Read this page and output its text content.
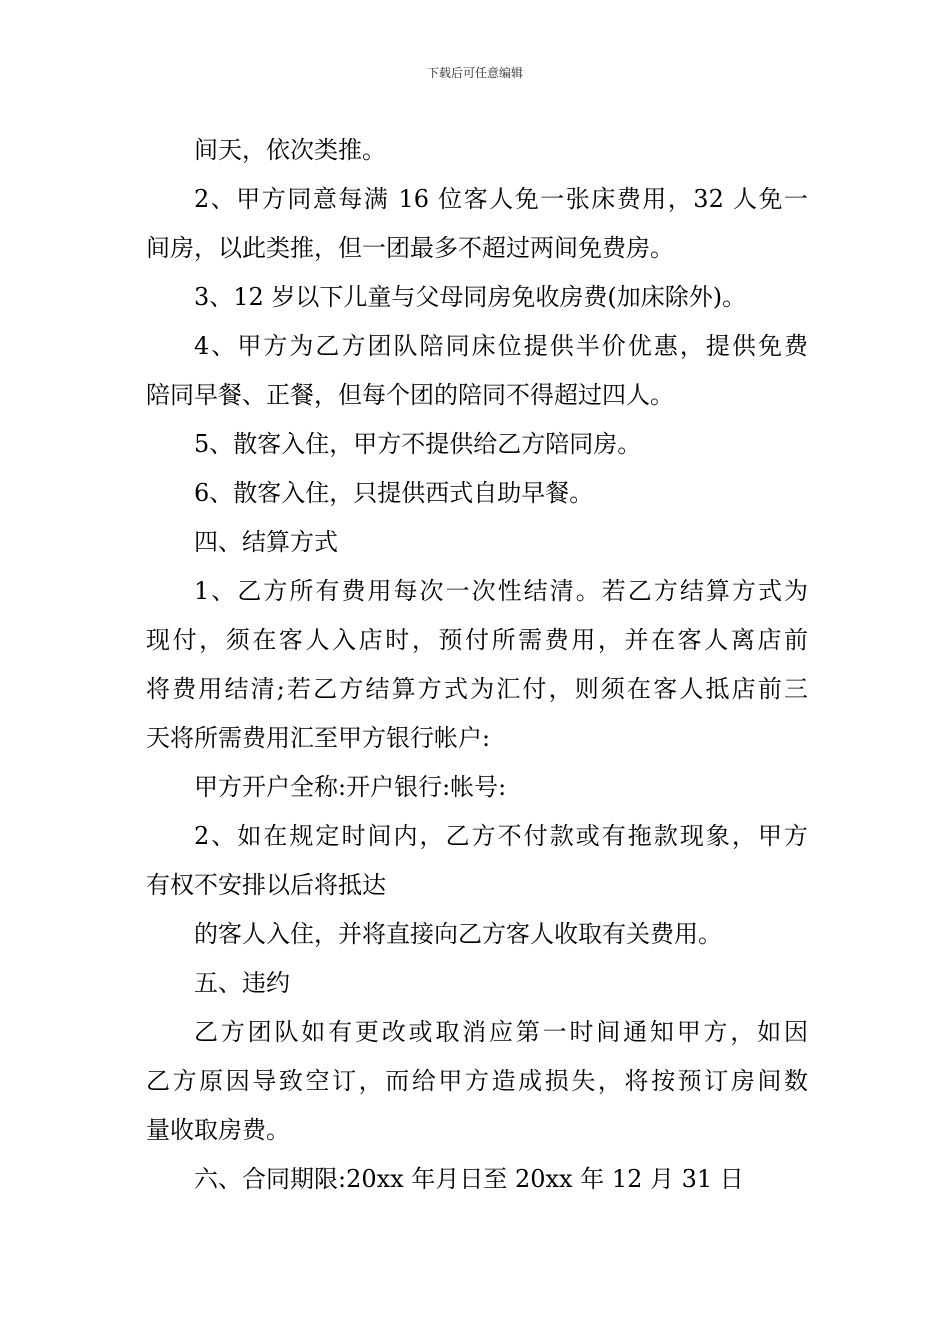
下载后可任意编辑
间天，依次类推。
2、甲方同意每满 16 位客人免一张床费用，32 人免一
间房，以此类推，但一团最多不超过两间免费房。
3、12 岁以下儿童与父母同房免收房费(加床除外)。
4、甲方为乙方团队陪同床位提供半价优惠，提供免费
陪同早餐、正餐，但每个团的陪同不得超过四人。
5、散客入住，甲方不提供给乙方陪同房。
6、散客入住，只提供西式自助早餐。
四、结算方式
1、乙方所有费用每次一次性结清。若乙方结算方式为
现付，须在客人入店时，预付所需费用，并在客人离店前
将费用结清;若乙方结算方式为汇付，则须在客人抵店前三
天将所需费用汇至甲方银行帐户:
甲方开户全称:开户银行:帐号:
2、如在规定时间内，乙方不付款或有拖款现象，甲方
有权不安排以后将抵达
的客人入住，并将直接向乙方客人收取有关费用。
五、违约
乙方团队如有更改或取消应第一时间通知甲方，如因
乙方原因导致空订，而给甲方造成损失，将按预订房间数
量收取房费。
六、合同期限:20xx 年月日至 20xx 年 12 月 31 日
